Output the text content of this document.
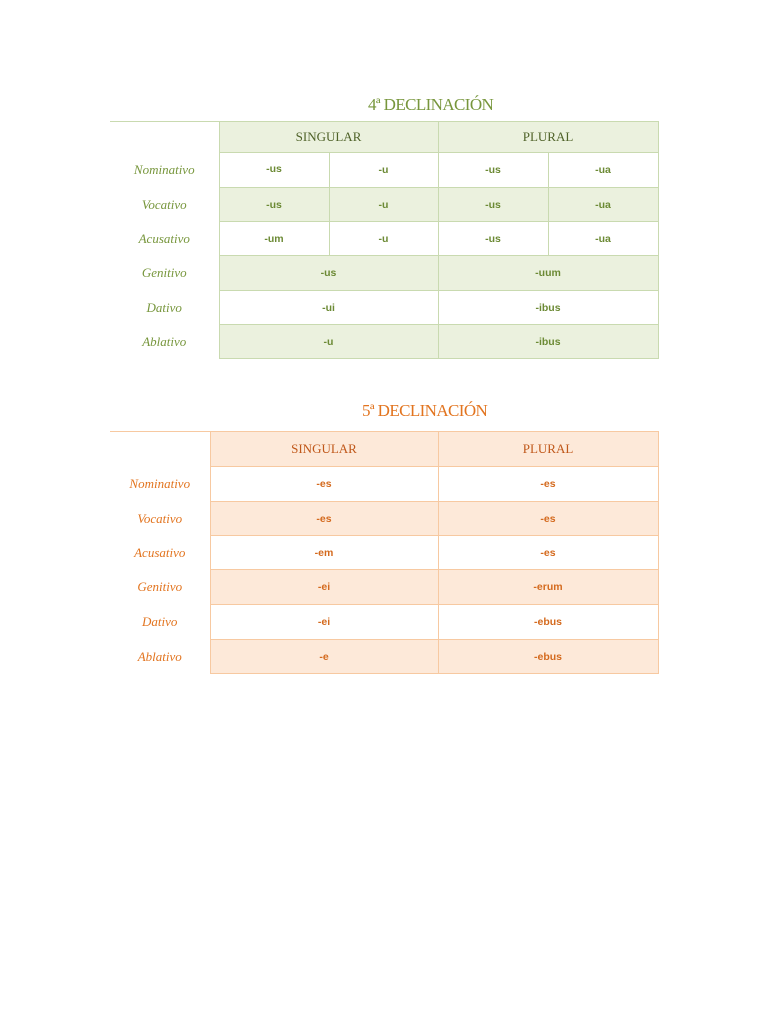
4ª DECLINACIÓN
	SINGULAR		PLURAL	
Nominativo	-us	-u	-us	-ua
Vocativo	-us	-u	-us	-ua
Acusativo	-um	-u	-us	-ua
Genitivo	-us		-uum	
Dativo	-ui		-ibus	
Ablativo	-u		-ibus	
5ª DECLINACIÓN
	SINGULAR	PLURAL
Nominativo	-es	-es
Vocativo	-es	-es
Acusativo	-em	-es
Genitivo	-ei	-erum
Dativo	-ei	-ebus
Ablativo	-e	-ebus
